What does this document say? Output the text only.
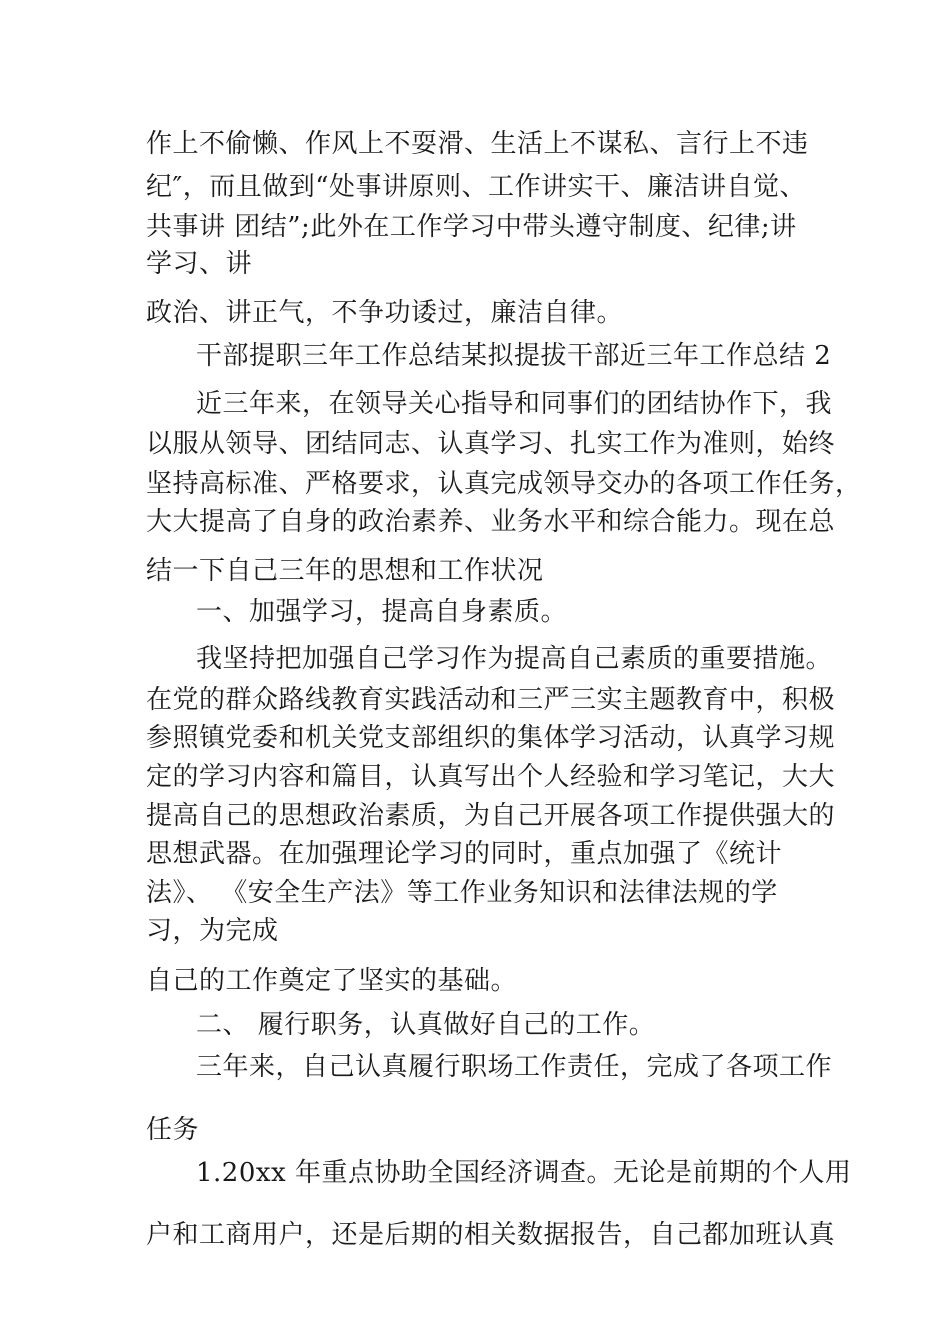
作上不偷懒、作风上不耍滑、生活上不谋私、言行上不违
纪″，而且做到“处事讲原则、工作讲实干、廉洁讲自觉、
共事讲 团结”;此外在工作学习中带头遵守制度、纪律;讲
学习、讲
政治、讲正气，不争功诿过，廉洁自律。
干部提职三年工作总结某拟提拔干部近三年工作总结 2
近三年来，在领导关心指导和同事们的团结协作下，我
以服从领导、团结同志、认真学习、扎实工作为准则，始终
坚持高标准、严格要求，认真完成领导交办的各项工作任务，
大大提高了自身的政治素养、业务水平和综合能力。现在总
结一下自己三年的思想和工作状况
一、加强学习，提高自身素质。
我坚持把加强自己学习作为提高自己素质的重要措施。
在党的群众路线教育实践活动和三严三实主题教育中，积极
参照镇党委和机关党支部组织的集体学习活动，认真学习规
定的学习内容和篇目，认真写出个人经验和学习笔记，大大
提高自己的思想政治素质，为自己开展各项工作提供强大的
思想武器。在加强理论学习的同时，重点加强了《统计
法》、 《安全生产法》等工作业务知识和法律法规的学
习，为完成
自己的工作奠定了坚实的基础。
二、 履行职务，认真做好自己的工作。
三年来，自己认真履行职场工作责任，完成了各项工作
任务
1.20xx 年重点协助全国经济调查。无论是前期的个人用
户和工商用户，还是后期的相关数据报告，自己都加班认真
